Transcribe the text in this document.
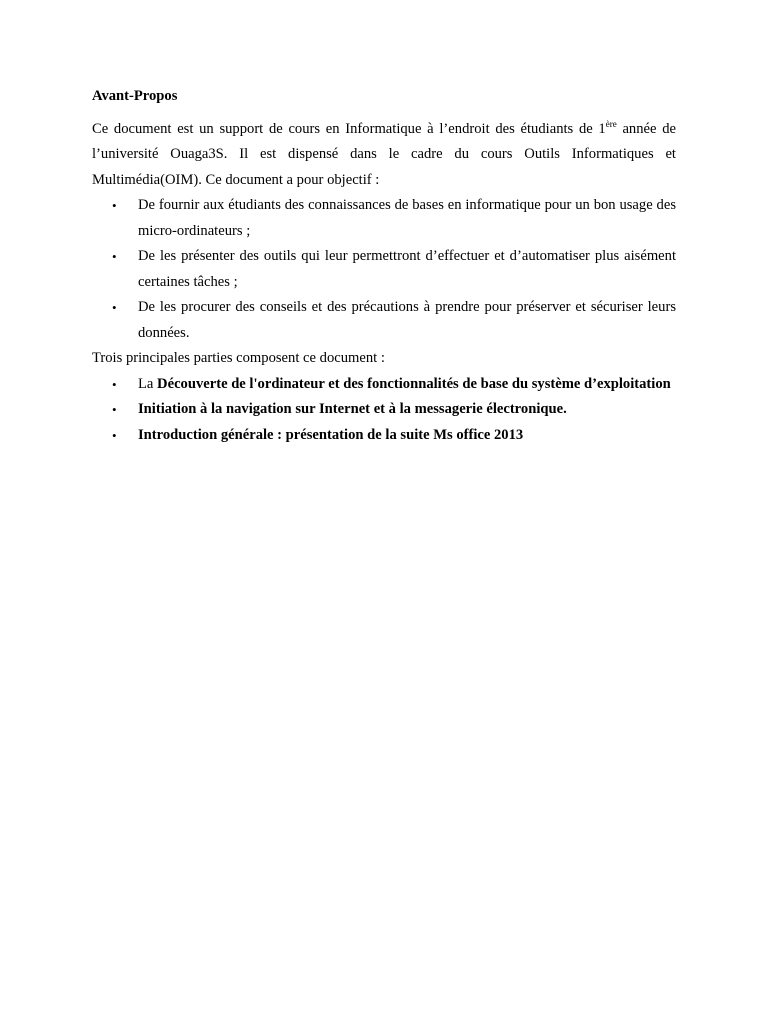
Avant-Propos

Ce document est un support de cours en Informatique à l’endroit des étudiants de 1ère année de l’université Ouaga3S. Il est dispensé dans le cadre du cours Outils Informatiques et Multimédia(OIM). Ce document a pour objectif :

• De fournir aux étudiants des connaissances de bases en informatique pour un bon usage des micro-ordinateurs ;
• De les présenter des outils qui leur permettront d’effectuer et d’automatiser plus aisément certaines tâches ;
• De les procurer des conseils et des précautions à prendre pour préserver et sécuriser leurs données.

Trois principales parties composent ce document :

• La Découverte de l'ordinateur et des fonctionnalités de base du système d’exploitation
• Initiation à la navigation sur Internet et à la messagerie électronique.
• Introduction générale : présentation de la suite Ms office 2013
